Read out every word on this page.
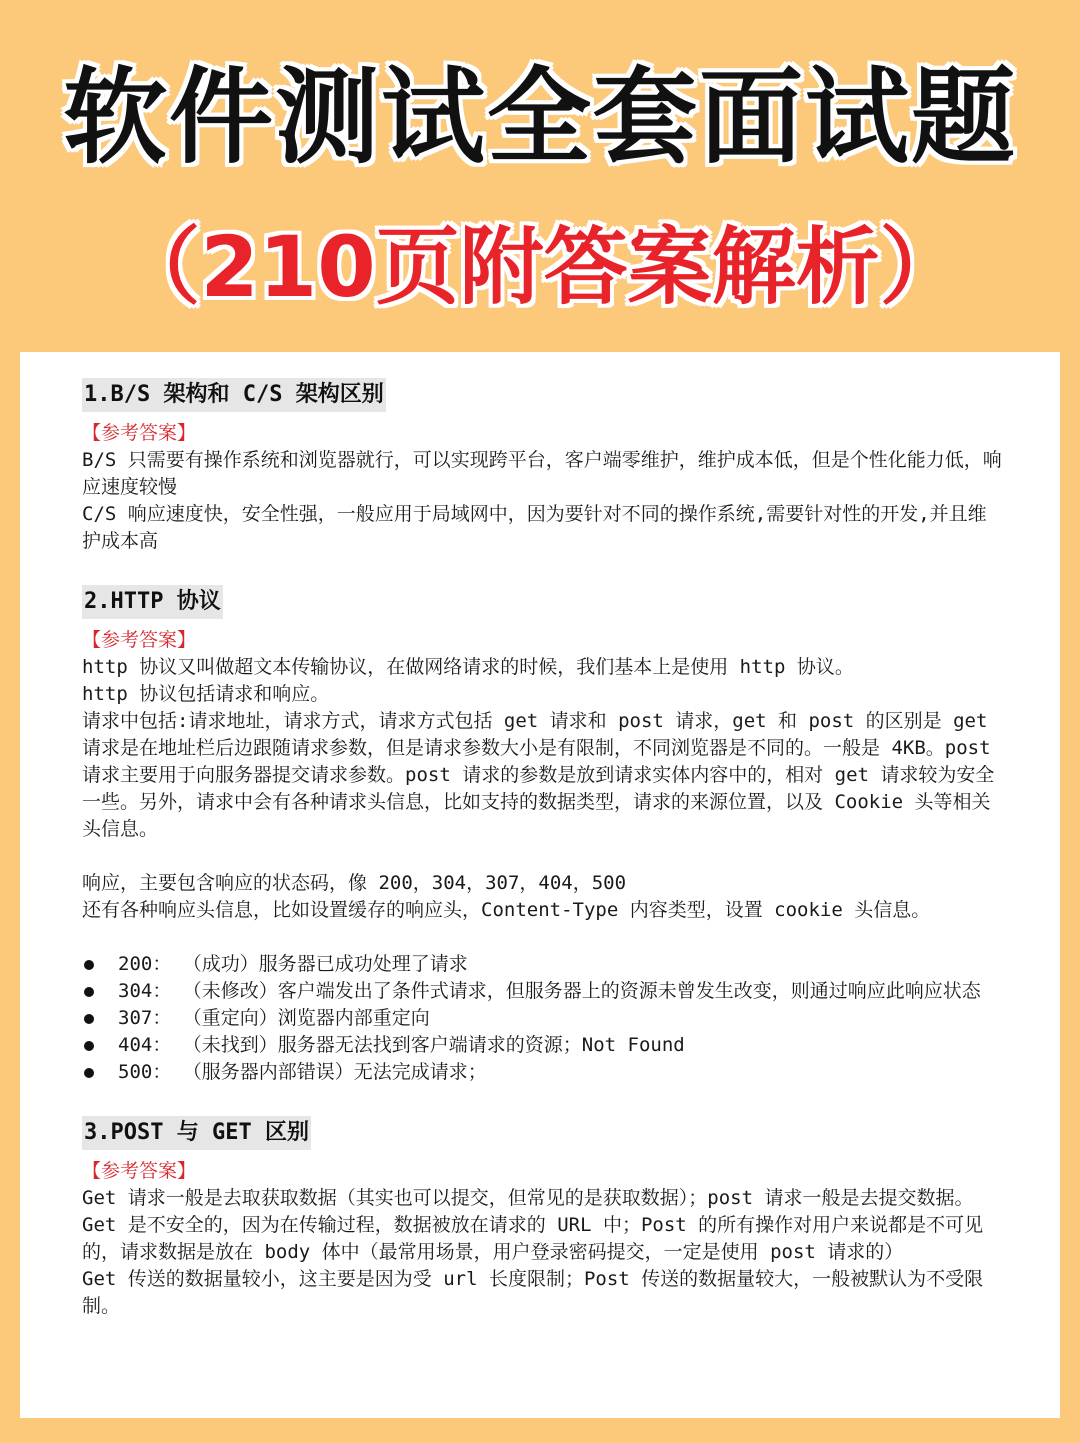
软件测试全套面试题
（210页附答案解析）
1.B/S 架构和 C/S 架构区别
【参考答案】

B/S 只需要有操作系统和浏览器就行，可以实现跨平台，客户端零维护，维护成本低，但是个性化能力低，响应速度较慢

C/S 响应速度快，安全性强，一般应用于局域网中，因为要针对不同的操作系统,需要针对性的开发,并且维护成本高

2.HTTP 协议
【参考答案】

http 协议又叫做超文本传输协议，在做网络请求的时候，我们基本上是使用 http 协议。

http 协议包括请求和响应。

请求中包括:请求地址，请求方式，请求方式包括 get 请求和 post 请求，get 和 post 的区别是 get 请求是在地址栏后边跟随请求参数，但是请求参数大小是有限制，不同浏览器是不同的。一般是 4KB。post 请求主要用于向服务器提交请求参数。post 请求的参数是放到请求实体内容中的，相对 get 请求较为安全一些。另外，请求中会有各种请求头信息，比如支持的数据类型，请求的来源位置，以及 Cookie 头等相关头信息。

响应，主要包含响应的状态码，像 200，304，307，404，500

还有各种响应头信息，比如设置缓存的响应头，Content-Type 内容类型，设置 cookie 头信息。

200： （成功）服务器已成功处理了请求
304： （未修改）客户端发出了条件式请求，但服务器上的资源未曾发生改变，则通过响应此响应状态
307： （重定向）浏览器内部重定向
404： （未找到）服务器无法找到客户端请求的资源；Not Found
500： （服务器内部错误）无法完成请求；
3.POST 与 GET 区别
【参考答案】

Get 请求一般是去取获取数据（其实也可以提交，但常见的是获取数据）；post 请求一般是去提交数据。

Get 是不安全的，因为在传输过程，数据被放在请求的 URL 中；Post 的所有操作对用户来说都是不可见的，请求数据是放在 body 体中（最常用场景，用户登录密码提交，一定是使用 post 请求的）

Get 传送的数据量较小，这主要是因为受 url 长度限制；Post 传送的数据量较大，一般被默认为不受限制。
